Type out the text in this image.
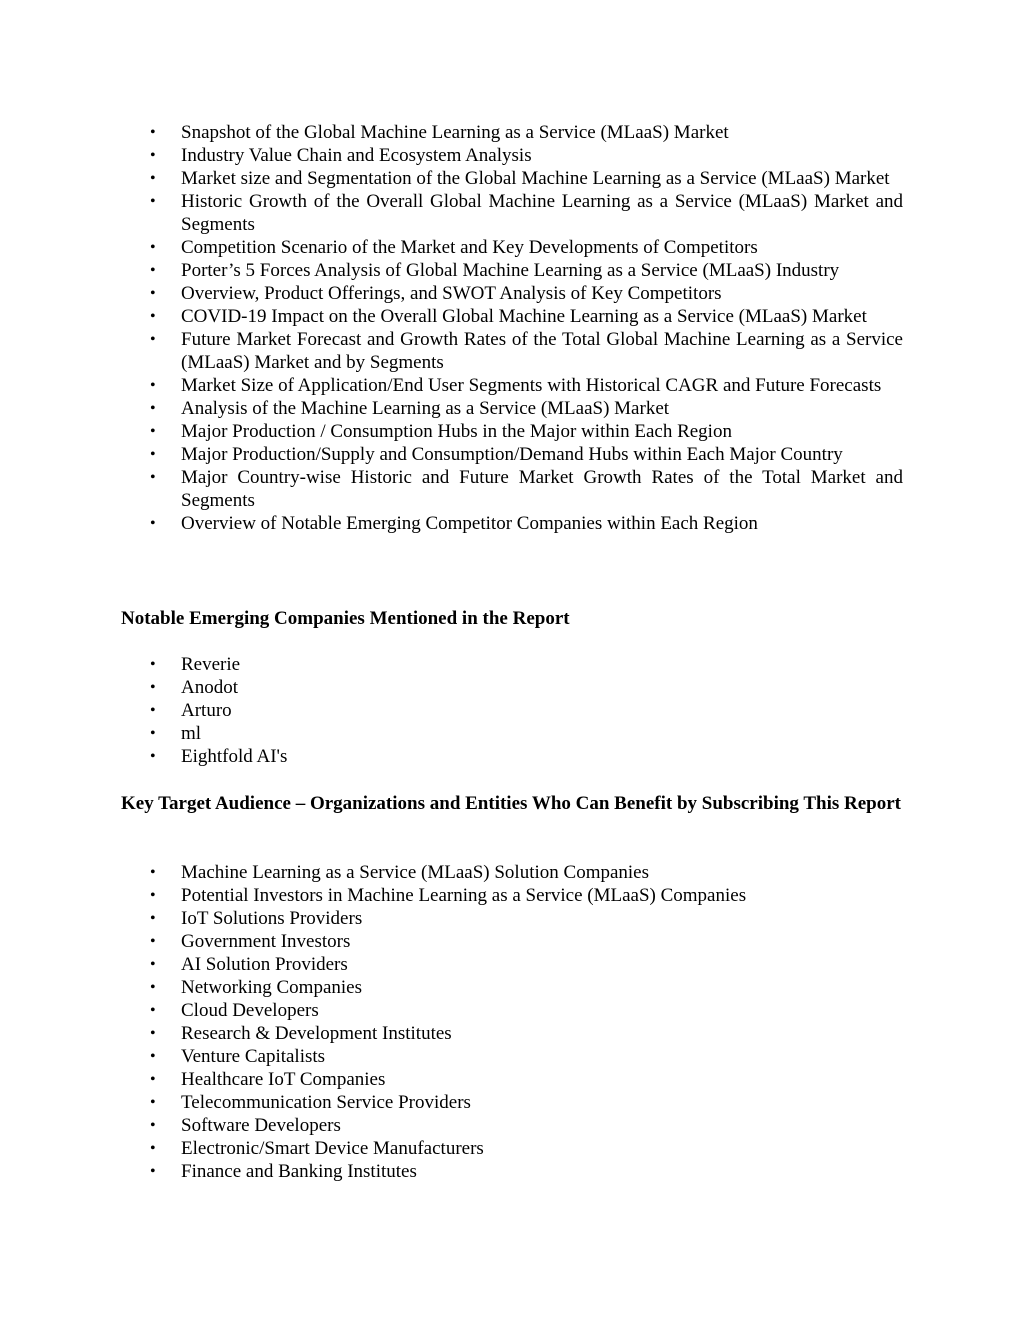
• Snapshot of the Global Machine Learning as a Service (MLaaS) Market
• Industry Value Chain and Ecosystem Analysis
• Market size and Segmentation of the Global Machine Learning as a Service (MLaaS) Market
• Historic Growth of the Overall Global Machine Learning as a Service (MLaaS) Market and Segments
• Competition Scenario of the Market and Key Developments of Competitors
• Porter’s 5 Forces Analysis of Global Machine Learning as a Service (MLaaS) Industry
• Overview, Product Offerings, and SWOT Analysis of Key Competitors
• COVID-19 Impact on the Overall Global Machine Learning as a Service (MLaaS) Market
• Future Market Forecast and Growth Rates of the Total Global Machine Learning as a Service (MLaaS) Market and by Segments
• Market Size of Application/End User Segments with Historical CAGR and Future Forecasts
• Analysis of the Machine Learning as a Service (MLaaS) Market
• Major Production / Consumption Hubs in the Major within Each Region
• Major Production/Supply and Consumption/Demand Hubs within Each Major Country
• Major Country-wise Historic and Future Market Growth Rates of the Total Market and Segments
• Overview of Notable Emerging Competitor Companies within Each Region
Notable Emerging Companies Mentioned in the Report
• Reverie
• Anodot
• Arturo
• ml
• Eightfold AI's
Key Target Audience – Organizations and Entities Who Can Benefit by Subscribing This Report
• Machine Learning as a Service (MLaaS) Solution Companies
• Potential Investors in Machine Learning as a Service (MLaaS) Companies
• IoT Solutions Providers
• Government Investors
• AI Solution Providers
• Networking Companies
• Cloud Developers
• Research & Development Institutes
• Venture Capitalists
• Healthcare IoT Companies
• Telecommunication Service Providers
• Software Developers
• Electronic/Smart Device Manufacturers
• Finance and Banking Institutes
